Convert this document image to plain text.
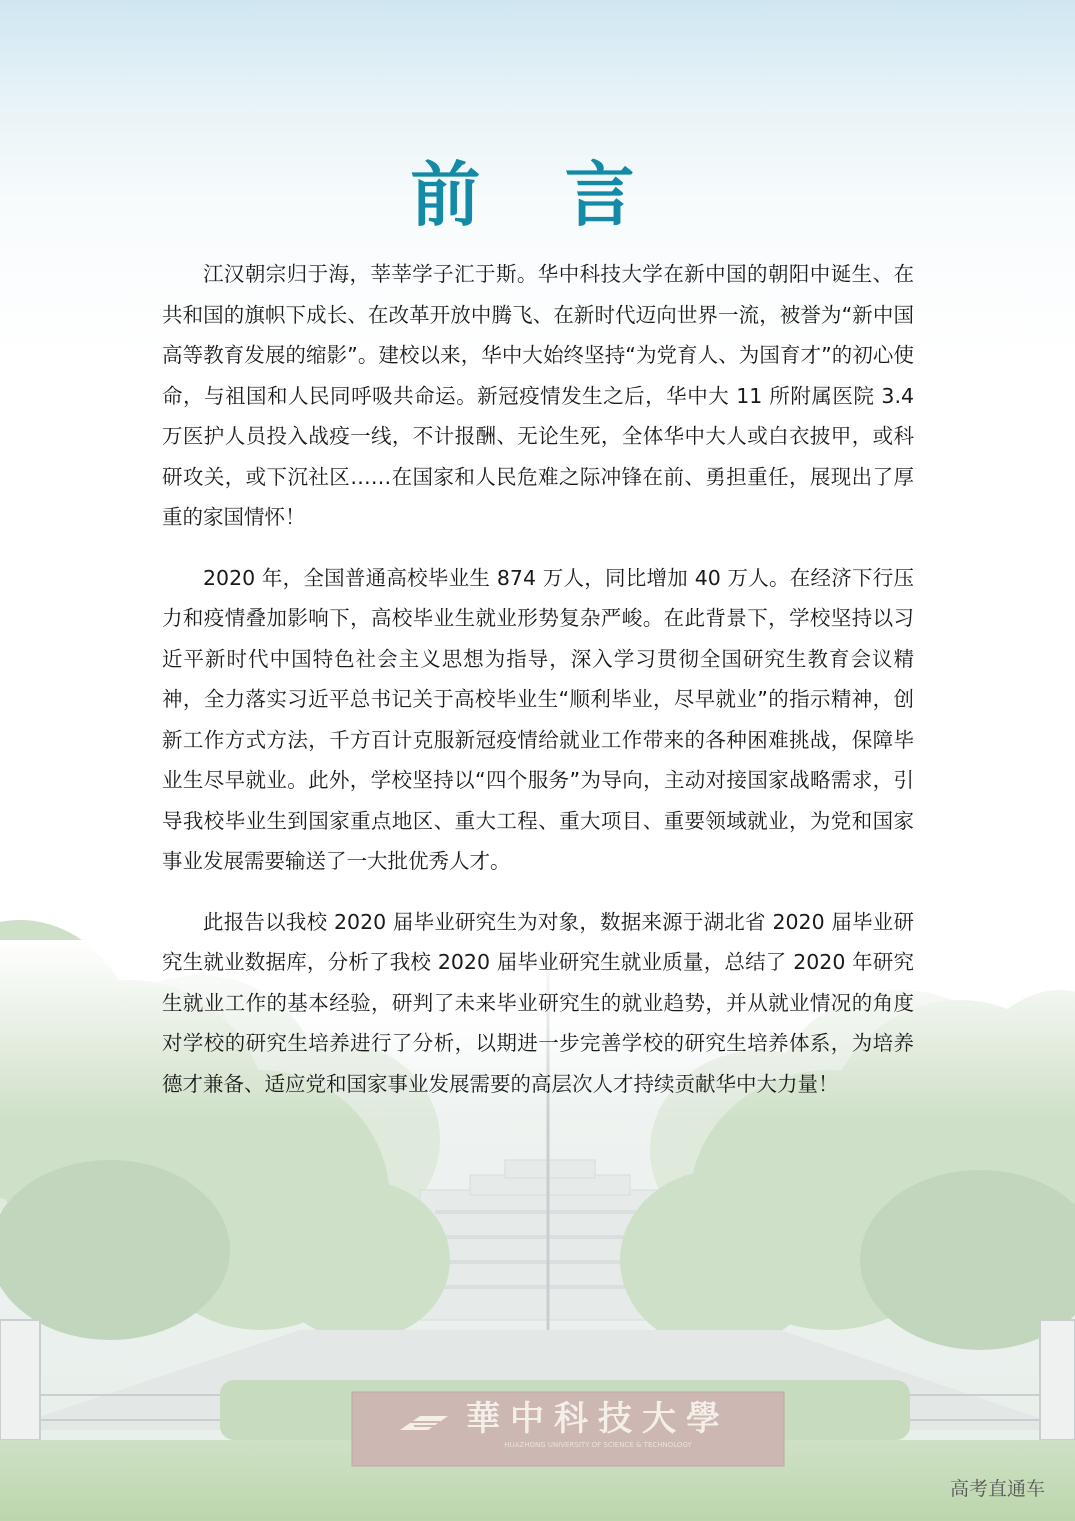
華中科技大學
HUAZHONG UNIVERSITY OF SCIENCE & TECHNOLOGY
前 言

江汉朝宗归于海，莘莘学子汇于斯。华中科技大学在新中国的朝阳中诞生、在共和国的旗帜下成长、在改革开放中腾飞、在新时代迈向世界一流，被誉为“新中国高等教育发展的缩影”。建校以来，华中大始终坚持“为党育人、为国育才”的初心使命，与祖国和人民同呼吸共命运。新冠疫情发生之后，华中大 11 所附属医院 3.4 万医护人员投入战疫一线，不计报酬、无论生死，全体华中大人或白衣披甲，或科研攻关，或下沉社区……在国家和人民危难之际冲锋在前、勇担重任，展现出了厚重的家国情怀！

2020 年，全国普通高校毕业生 874 万人，同比增加 40 万人。在经济下行压力和疫情叠加影响下，高校毕业生就业形势复杂严峻。在此背景下，学校坚持以习近平新时代中国特色社会主义思想为指导，深入学习贯彻全国研究生教育会议精神，全力落实习近平总书记关于高校毕业生“顺利毕业，尽早就业”的指示精神，创新工作方式方法，千方百计克服新冠疫情给就业工作带来的各种困难挑战，保障毕业生尽早就业。此外，学校坚持以“四个服务”为导向，主动对接国家战略需求，引导我校毕业生到国家重点地区、重大工程、重大项目、重要领域就业，为党和国家事业发展需要输送了一大批优秀人才。

此报告以我校 2020 届毕业研究生为对象，数据来源于湖北省 2020 届毕业研究生就业数据库，分析了我校 2020 届毕业研究生就业质量，总结了 2020 年研究生就业工作的基本经验，研判了未来毕业研究生的就业趋势，并从就业情况的角度对学校的研究生培养进行了分析，以期进一步完善学校的研究生培养体系，为培养德才兼备、适应党和国家事业发展需要的高层次人才持续贡献华中大力量！

高考直通车
